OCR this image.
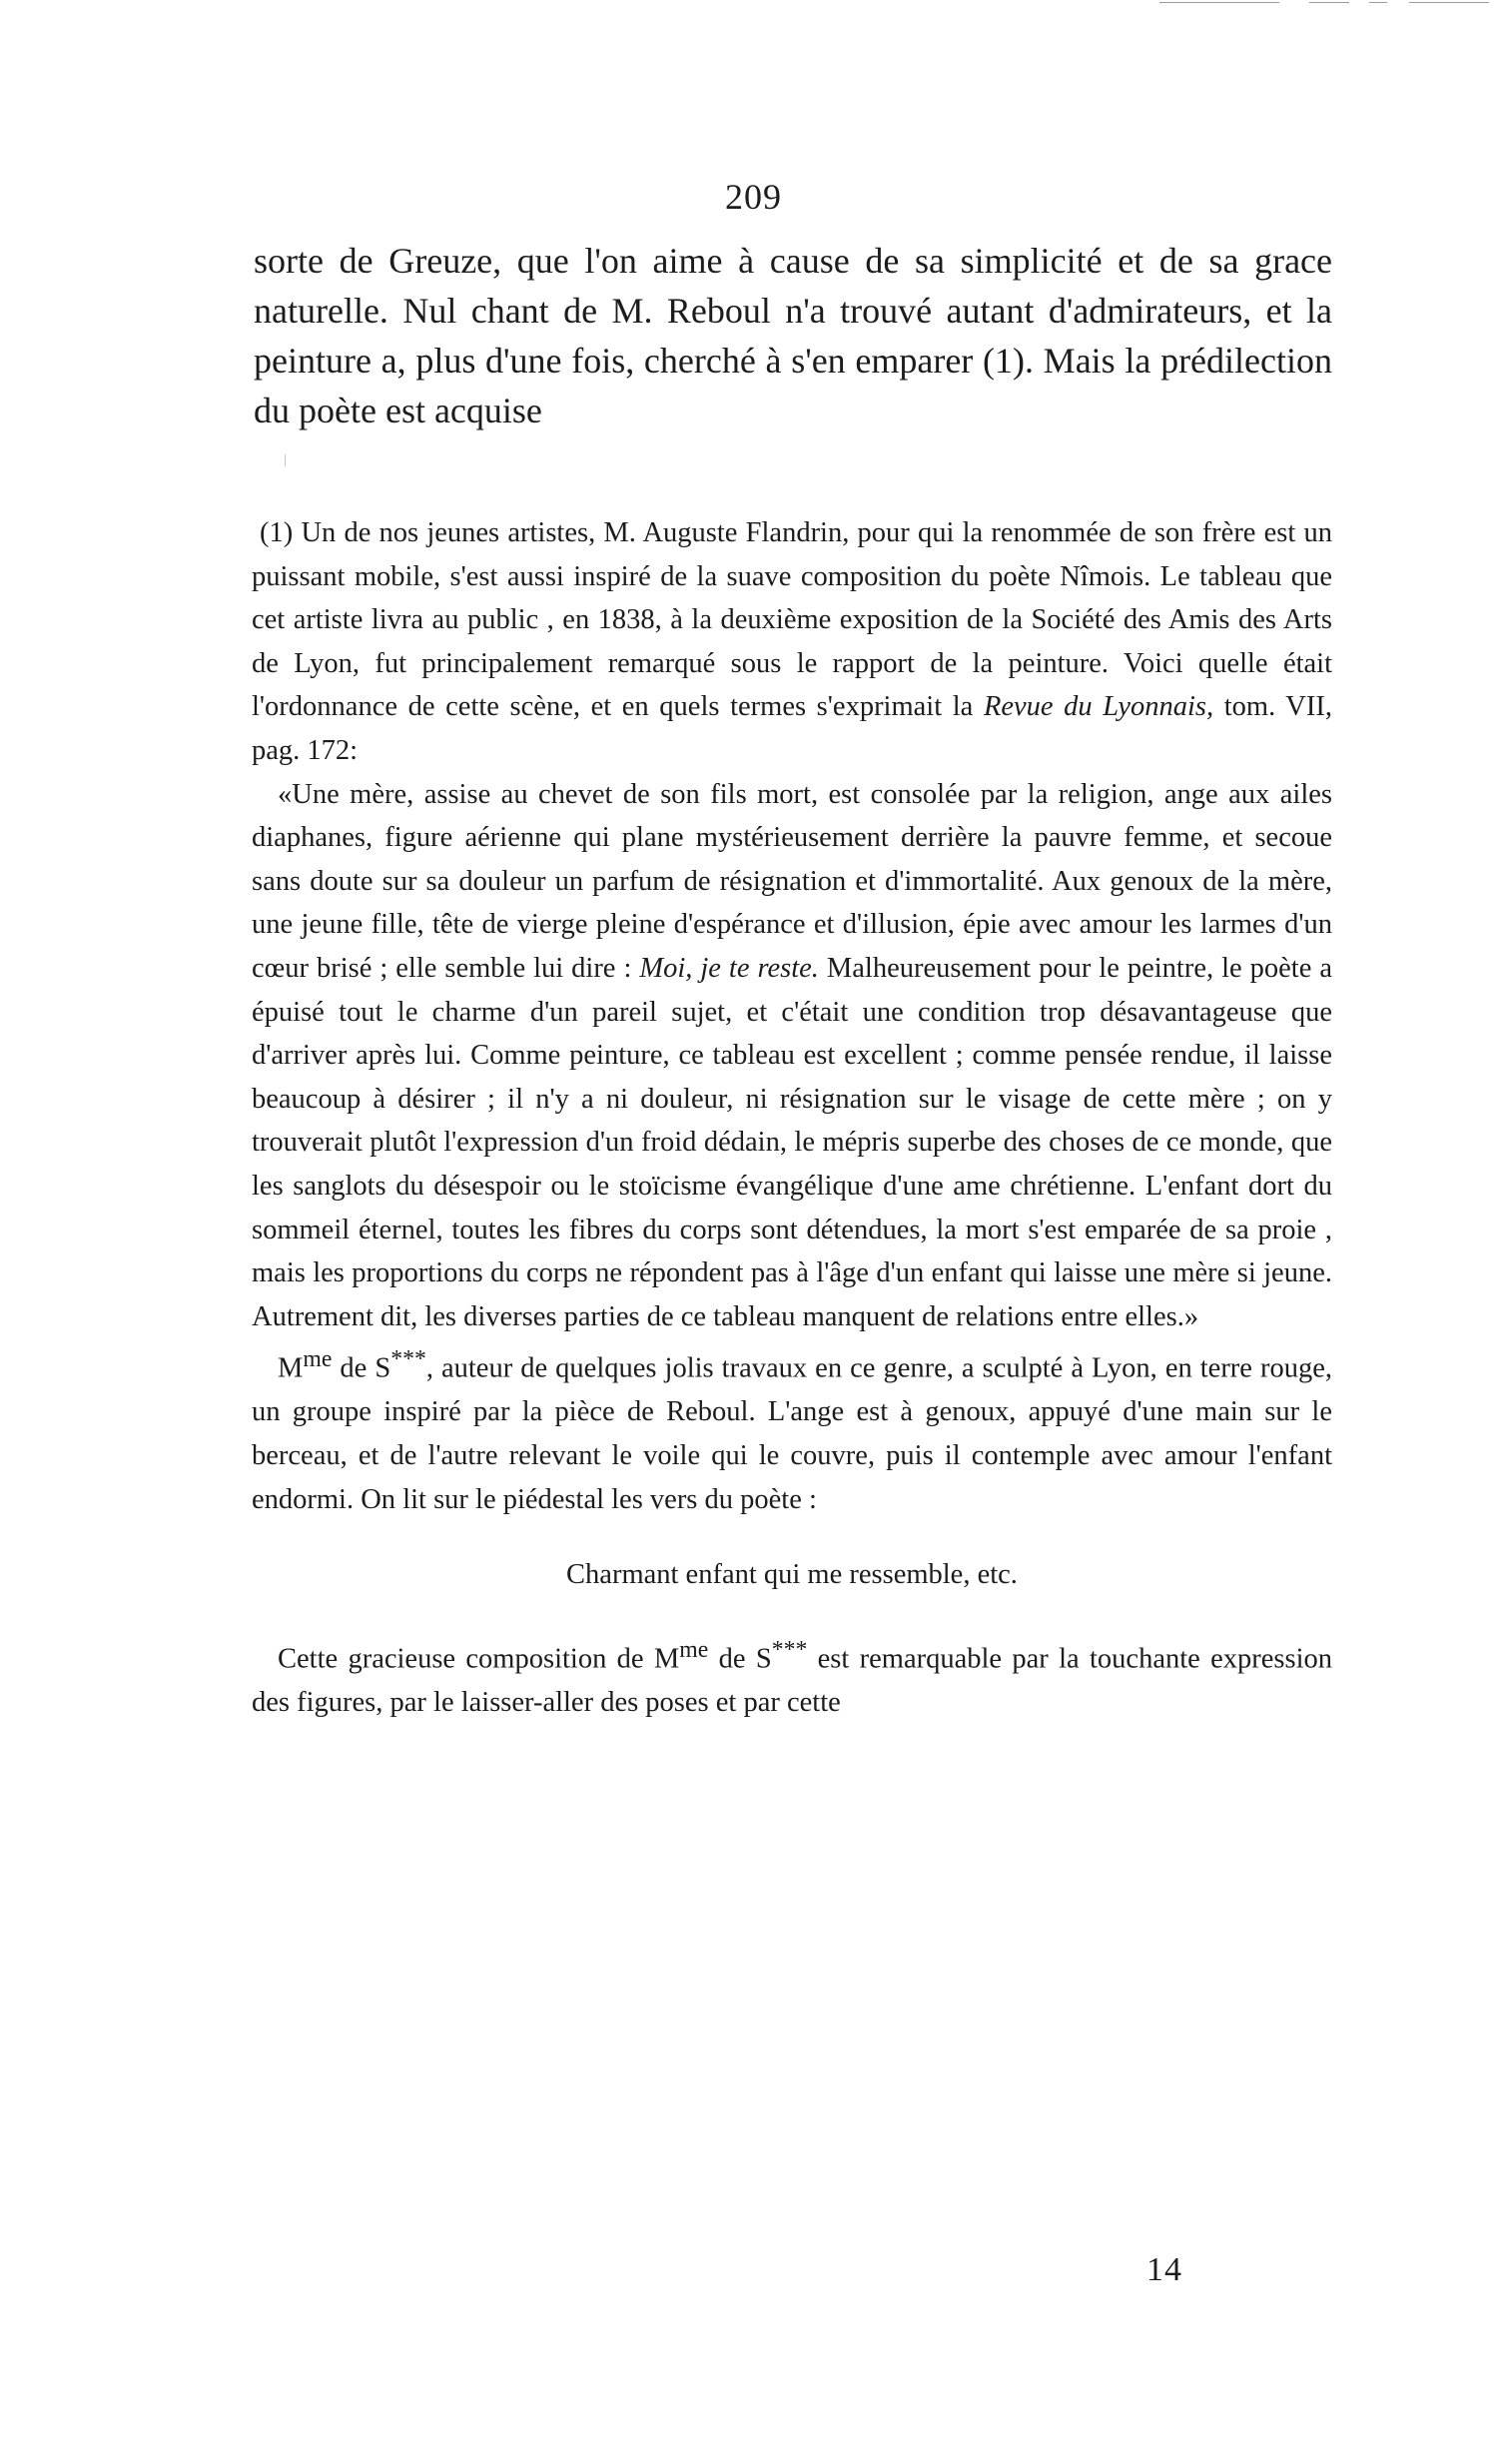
209

sorte de Greuze, que l'on aime à cause de sa simplicité et de sa grace naturelle. Nul chant de M. Reboul n'a trouvé autant d'admirateurs, et la peinture a, plus d'une fois, cherché à s'en emparer (1). Mais la prédilection du poète est acquise

(1) Un de nos jeunes artistes, M. Auguste Flandrin, pour qui la renommée de son frère est un puissant mobile, s'est aussi inspiré de la suave composition du poète Nîmois. Le tableau que cet artiste livra au public , en 1838, à la deuxième exposition de la Société des Amis des Arts de Lyon, fut principalement remarqué sous le rapport de la peinture. Voici quelle était l'ordonnance de cette scène, et en quels termes s'exprimait la Revue du Lyonnais, tom. VII, pag. 172:

«Une mère, assise au chevet de son fils mort, est consolée par la religion, ange aux ailes diaphanes, figure aérienne qui plane mystérieusement derrière la pauvre femme, et secoue sans doute sur sa douleur un parfum de résignation et d'immortalité. Aux genoux de la mère, une jeune fille, tête de vierge pleine d'espérance et d'illusion, épie avec amour les larmes d'un cœur brisé ; elle semble lui dire : Moi, je te reste. Malheureusement pour le peintre, le poète a épuisé tout le charme d'un pareil sujet, et c'était une condition trop désavantageuse que d'arriver après lui. Comme peinture, ce tableau est excellent ; comme pensée rendue, il laisse beaucoup à désirer ; il n'y a ni douleur, ni résignation sur le visage de cette mère ; on y trouverait plutôt l'expression d'un froid dédain, le mépris superbe des choses de ce monde, que les sanglots du désespoir ou le stoïcisme évangélique d'une ame chrétienne. L'enfant dort du sommeil éternel, toutes les fibres du corps sont détendues, la mort s'est emparée de sa proie , mais les proportions du corps ne répondent pas à l'âge d'un enfant qui laisse une mère si jeune. Autrement dit, les diverses parties de ce tableau manquent de relations entre elles.»

$M^{me}$ de S***, auteur de quelques jolis travaux en ce genre, a sculpté à Lyon, en terre rouge, un groupe inspiré par la pièce de Reboul. L'ange est à genoux, appuyé d'une main sur le berceau, et de l'autre relevant le voile qui le couvre, puis il contemple avec amour l'enfant endormi. On lit sur le piédestal les vers du poète :

Charmant enfant qui me ressemble, etc.

Cette gracieuse composition de $M^{me}$ de S*** est remarquable par la touchante expression des figures, par le laisser-aller des poses et par cette

14
